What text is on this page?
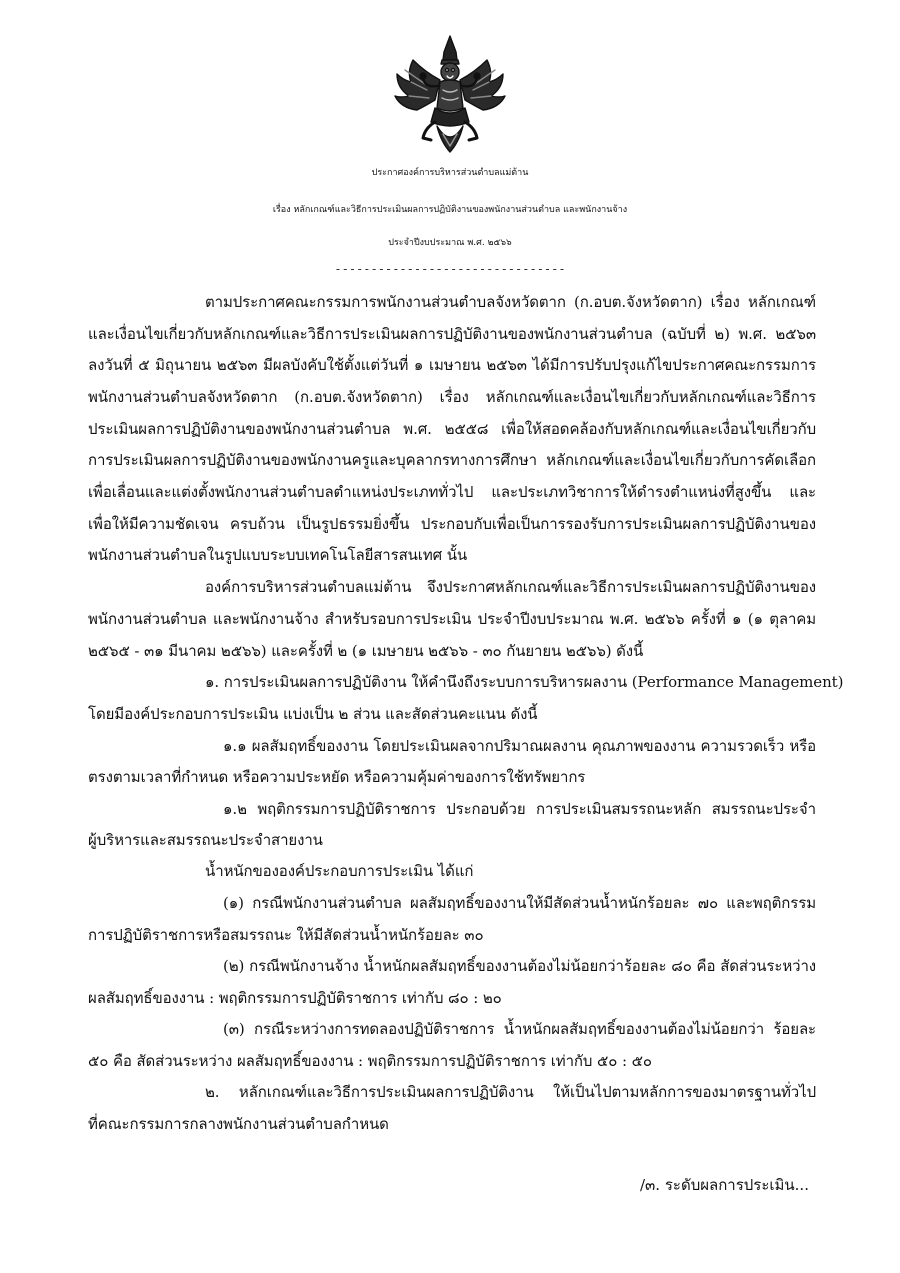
ประกาศองค์การบริหารส่วนตำบลแม่ต้าน
เรื่อง หลักเกณฑ์และวิธีการประเมินผลการปฏิบัติงานของพนักงานส่วนตำบล และพนักงานจ้าง
ประจำปีงบประมาณ พ.ศ. ๒๕๖๖
--------------------------------
ตามประกาศคณะกรรมการพนักงานส่วนตำบลจังหวัดตาก (ก.อบต.จังหวัดตาก) เรื่อง หลักเกณฑ์
และเงื่อนไขเกี่ยวกับหลักเกณฑ์และวิธีการประเมินผลการปฏิบัติงานของพนักงานส่วนตำบล (ฉบับที่ ๒) พ.ศ. ๒๕๖๓
ลงวันที่ ๕ มิถุนายน ๒๕๖๓ มีผลบังคับใช้ตั้งแต่วันที่ ๑ เมษายน ๒๕๖๓ ได้มีการปรับปรุงแก้ไขประกาศคณะกรรมการ
พนักงานส่วนตำบลจังหวัดตาก (ก.อบต.จังหวัดตาก) เรื่อง หลักเกณฑ์และเงื่อนไขเกี่ยวกับหลักเกณฑ์และวิธีการ
ประเมินผลการปฏิบัติงานของพนักงานส่วนตำบล พ.ศ. ๒๕๕๘ เพื่อให้สอดคล้องกับหลักเกณฑ์และเงื่อนไขเกี่ยวกับ
การประเมินผลการปฏิบัติงานของพนักงานครูและบุคลากรทางการศึกษา หลักเกณฑ์และเงื่อนไขเกี่ยวกับการคัดเลือก
เพื่อเลื่อนและแต่งตั้งพนักงานส่วนตำบลตำแหน่งประเภททั่วไป และประเภทวิชาการให้ดำรงตำแหน่งที่สูงขึ้น และ
เพื่อให้มีความชัดเจน ครบถ้วน เป็นรูปธรรมยิ่งขึ้น ประกอบกับเพื่อเป็นการรองรับการประเมินผลการปฏิบัติงานของ
พนักงานส่วนตำบลในรูปแบบระบบเทคโนโลยีสารสนเทศ นั้น
องค์การบริหารส่วนตำบลแม่ต้าน จึงประกาศหลักเกณฑ์และวิธีการประเมินผลการปฏิบัติงานของ
พนักงานส่วนตำบล และพนักงานจ้าง สำหรับรอบการประเมิน ประจำปีงบประมาณ พ.ศ. ๒๕๖๖ ครั้งที่ ๑ (๑ ตุลาคม
๒๕๖๕ - ๓๑ มีนาคม ๒๕๖๖) และครั้งที่ ๒ (๑ เมษายน ๒๕๖๖ - ๓๐ กันยายน ๒๕๖๖) ดังนี้
๑. การประเมินผลการปฏิบัติงาน ให้คำนึงถึงระบบการบริหารผลงาน (Performance Management)
โดยมีองค์ประกอบการประเมิน แบ่งเป็น ๒ ส่วน และสัดส่วนคะแนน ดังนี้
๑.๑ ผลสัมฤทธิ์ของงาน โดยประเมินผลจากปริมาณผลงาน คุณภาพของงาน ความรวดเร็ว หรือ
ตรงตามเวลาที่กำหนด หรือความประหยัด หรือความคุ้มค่าของการใช้ทรัพยากร
๑.๒ พฤติกรรมการปฏิบัติราชการ ประกอบด้วย การประเมินสมรรถนะหลัก สมรรถนะประจำ
ผู้บริหารและสมรรถนะประจำสายงาน
น้ำหนักขององค์ประกอบการประเมิน ได้แก่
(๑) กรณีพนักงานส่วนตำบล ผลสัมฤทธิ์ของงานให้มีสัดส่วนน้ำหนักร้อยละ ๗๐ และพฤติกรรม
การปฏิบัติราชการหรือสมรรถนะ ให้มีสัดส่วนน้ำหนักร้อยละ ๓๐
(๒) กรณีพนักงานจ้าง น้ำหนักผลสัมฤทธิ์ของงานต้องไม่น้อยกว่าร้อยละ ๘๐ คือ สัดส่วนระหว่าง
ผลสัมฤทธิ์ของงาน : พฤติกรรมการปฏิบัติราชการ เท่ากับ ๘๐ : ๒๐
(๓) กรณีระหว่างการทดลองปฏิบัติราชการ น้ำหนักผลสัมฤทธิ์ของงานต้องไม่น้อยกว่า ร้อยละ
๕๐ คือ สัดส่วนระหว่าง ผลสัมฤทธิ์ของงาน : พฤติกรรมการปฏิบัติราชการ เท่ากับ ๕๐ : ๕๐
๒. หลักเกณฑ์และวิธีการประเมินผลการปฏิบัติงาน ให้เป็นไปตามหลักการของมาตรฐานทั่วไป
ที่คณะกรรมการกลางพนักงานส่วนตำบลกำหนด
/๓. ระดับผลการประเมิน...
